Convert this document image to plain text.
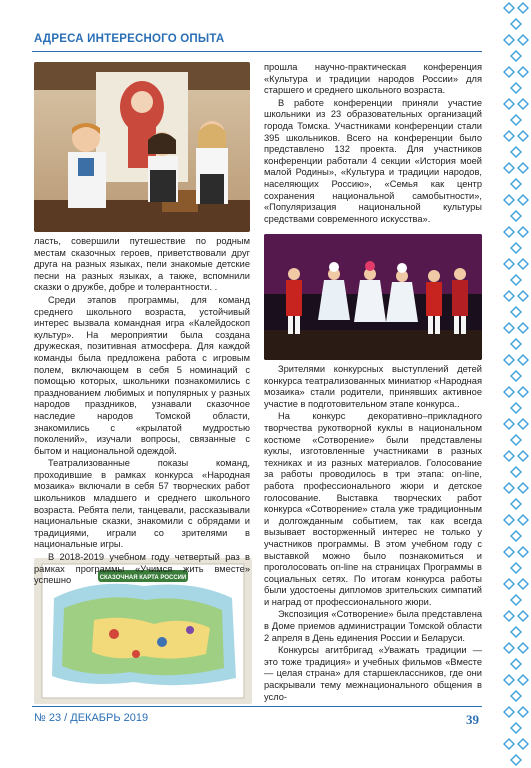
АДРЕСА ИНТЕРЕСНОГО ОПЫТА
СКАЗОЧНАЯ КАРТА РОССИИ

ласть, совершили путешествие по родным местам сказочных героев, приветствовали друг друга на разных языках, пели знакомые детские песни на разных языках, а также, вспомнили сказки о дружбе, добре и толерантности. .

Среди этапов программы, для команд среднего школьного возраста, устойчивый интерес вызвала командная игра «Калейдоскоп культур». На мероприятии была создана дружеская, позитивная атмосфера. Для каждой команды была предложена работа с игровым полем, включающем в себя 5 номинаций с помощью которых, школьники познакомились с празднованием любимых и популярных у разных народов праздников, узнавали сказочное наследие народов Томской области, знакомились с «крылатой мудростью поколений», изучали вопросы, связанные с бытом и национальной одеждой.

Театрализованные показы команд, проходившие в рамках конкурса «Народная мозаика» включали в себя 57 творческих работ школьников младшего и среднего школьного возраста. Ребята пели, танцевали, рассказывали национальные сказки, знакомили с обрядами и традициями, играли со зрителями в национальные игры.

В 2018-2019 учебном году четвертый раз в рамках программы «Учимся жить вместе» успешно

прошла научно-практическая конференция «Культура и традиции народов России» для старшего и среднего школьного возраста.

В работе конференции приняли участие школьники из 23 образовательных организаций города Томска. Участниками конференции стали 395 школьников. Всего на конференции было представлено 132 проекта. Для участников конференции работали 4 секции «История моей малой Родины», «Культура и традиции народов, населяющих Россию», «Семья как центр сохранения национальной самобытности», «Популяризация национальной культуры средствами современного искусства».

Зрителями конкурсных выступлений детей конкурса театрализованных миниатюр «Народная мозаика» стали родители, принявших активное участие в подготовительном этапе конкурса..

На конкурс декоративно–прикладного творчества рукотворной куклы в национальном костюме «Сотворение» были представлены куклы, изготовленные участниками в разных техниках и из разных материалов. Голосование за работы проводилось в три этапа: on-line, работа профессионального жюри и детское голосование. Выставка творческих работ конкурса «Сотворение» стала уже традиционным и долгожданным событием, так как всегда вызывает восторженный интерес не только у участников программы. В этом учебном году с выставкой можно было познакомиться и проголосовать on-line на страницах Программы в социальных сетях. По итогам конкурса работы были удостоены дипломов зрительских симпатий и наград от профессионального жюри.

Экспозиция «Сотворение» была представлена в Доме приемов администрации Томской области 2 апреля в День единения России и Беларуси.

Конкурсы агитбригад «Уважать традиции — это тоже традиция» и учебных фильмов «Вместе — целая страна» для старшеклассников, где они раскрывали тему межнационального общения в усло-

№ 23 / ДЕКАБРЬ 2019	39
